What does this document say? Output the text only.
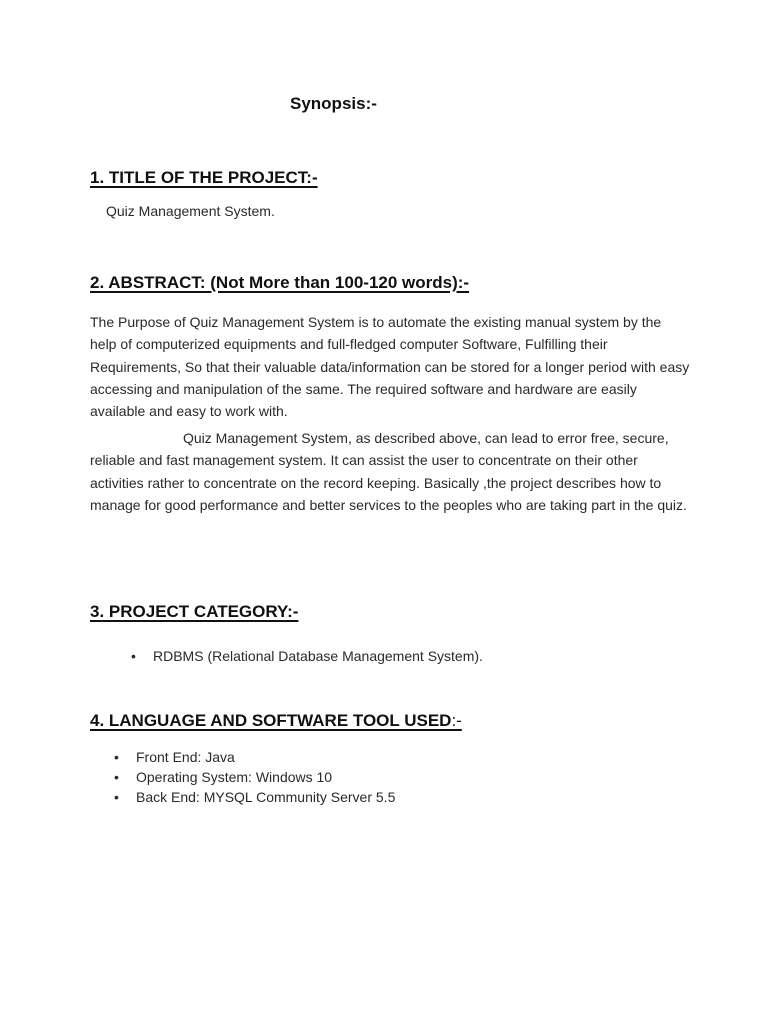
Synopsis:-
1. TITLE OF THE PROJECT:-

Quiz Management System.

2. ABSTRACT: (Not More than 100-120 words):-

The Purpose of Quiz Management System is to automate the existing manual system by the help of computerized equipments and full-fledged computer Software, Fulfilling their Requirements, So that their valuable data/information can be stored for a longer period with easy accessing and manipulation of the same. The required software and hardware are easily available and easy to work with.

Quiz Management System, as described above, can lead to error free, secure, reliable and fast management system. It can assist the user to concentrate on their other activities rather to concentrate on the record keeping. Basically ,the project describes how to manage for good performance and better services to the peoples who are taking part in the quiz.

3. PROJECT CATEGORY:-
• RDBMS (Relational Database Management System).
4. LANGUAGE AND SOFTWARE TOOL USED:-
• Front End: Java
• Operating System: Windows 10
• Back End: MYSQL Community Server 5.5
